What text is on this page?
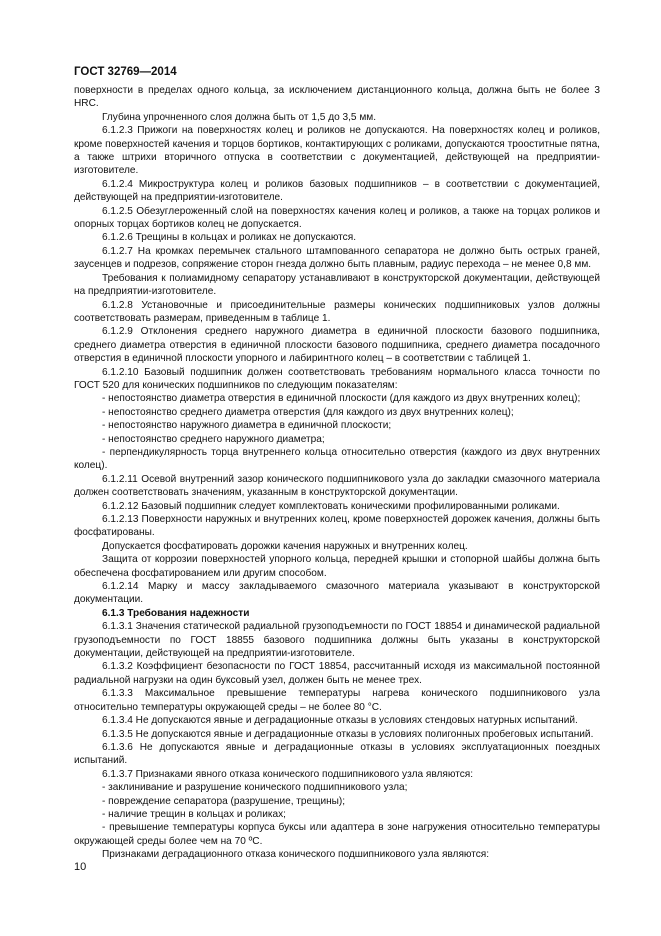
ГОСТ 32769—2014

поверхности в пределах одного кольца, за исключением дистанционного кольца, должна быть не более 3 HRC.

Глубина упрочненного слоя должна быть от 1,5 до 3,5 мм.

6.1.2.3 Прижоги на поверхностях колец и роликов не допускаются. На поверхностях колец и роликов, кроме поверхностей качения и торцов бортиков, контактирующих с роликами, допускаются трооститные пятна, а также штрихи вторичного отпуска в соответствии с документацией, действующей на предприятии-изготовителе.

6.1.2.4 Микроструктура колец и роликов базовых подшипников – в соответствии с документацией, действующей на предприятии-изготовителе.

6.1.2.5 Обезуглероженный слой на поверхностях качения колец и роликов, а также на торцах роликов и опорных торцах бортиков колец не допускается.

6.1.2.6 Трещины в кольцах и роликах не допускаются.

6.1.2.7 На кромках перемычек стального штампованного сепаратора не должно быть острых граней, заусенцев и подрезов, сопряжение сторон гнезда должно быть плавным, радиус перехода – не менее 0,8 мм.

Требования к полиамидному сепаратору устанавливают в конструкторской документации, действующей на предприятии-изготовителе.

6.1.2.8 Установочные и присоединительные размеры конических подшипниковых узлов должны соответствовать размерам, приведенным в таблице 1.

6.1.2.9 Отклонения среднего наружного диаметра в единичной плоскости базового подшипника, среднего диаметра отверстия в единичной плоскости базового подшипника, среднего диаметра посадочного отверстия в единичной плоскости упорного и лабиринтного колец – в соответствии с таблицей 1.

6.1.2.10 Базовый подшипник должен соответствовать требованиям нормального класса точности по ГОСТ 520 для конических подшипников по следующим показателям:

- непостоянство диаметра отверстия в единичной плоскости (для каждого из двух внутренних колец);

- непостоянство среднего диаметра отверстия (для каждого из двух внутренних колец);

- непостоянство наружного диаметра в единичной плоскости;

- непостоянство среднего наружного диаметра;

- перпендикулярность торца внутреннего кольца относительно отверстия (каждого из двух внутренних колец).

6.1.2.11 Осевой внутренний зазор конического подшипникового узла до закладки смазочного материала должен соответствовать значениям, указанным в конструкторской документации.

6.1.2.12 Базовый подшипник следует комплектовать коническими профилированными роликами.

6.1.2.13 Поверхности наружных и внутренних колец, кроме поверхностей дорожек качения, должны быть фосфатированы.

Допускается фосфатировать дорожки качения наружных и внутренних колец.

Защита от коррозии поверхностей упорного кольца, передней крышки и стопорной шайбы должна быть обеспечена фосфатированием или другим способом.

6.1.2.14 Марку и массу закладываемого смазочного материала указывают в конструкторской документации.

6.1.3 Требования надежности

6.1.3.1 Значения статической радиальной грузоподъемности по ГОСТ 18854 и динамической радиальной грузоподъемности по ГОСТ 18855 базового подшипника должны быть указаны в конструкторской документации, действующей на предприятии-изготовителе.

6.1.3.2 Коэффициент безопасности по ГОСТ 18854, рассчитанный исходя из максимальной постоянной радиальной нагрузки на один буксовый узел, должен быть не менее трех.

6.1.3.3 Максимальное превышение температуры нагрева конического подшипникового узла относительно температуры окружающей среды – не более 80 °С.

6.1.3.4 Не допускаются явные и деградационные отказы в условиях стендовых натурных испытаний.

6.1.3.5 Не допускаются явные и деградационные отказы в условиях полигонных пробеговых испытаний.

6.1.3.6 Не допускаются явные и деградационные отказы в условиях эксплуатационных поездных испытаний.

6.1.3.7 Признаками явного отказа конического подшипникового узла являются:

- заклинивание и разрушение конического подшипникового узла;

- повреждение сепаратора (разрушение, трещины);

- наличие трещин в кольцах и роликах;

- превышение температуры корпуса буксы или адаптера в зоне нагружения относительно температуры окружающей среды более чем на 70 ºС.

Признаками деградационного отказа конического подшипникового узла являются:

10
